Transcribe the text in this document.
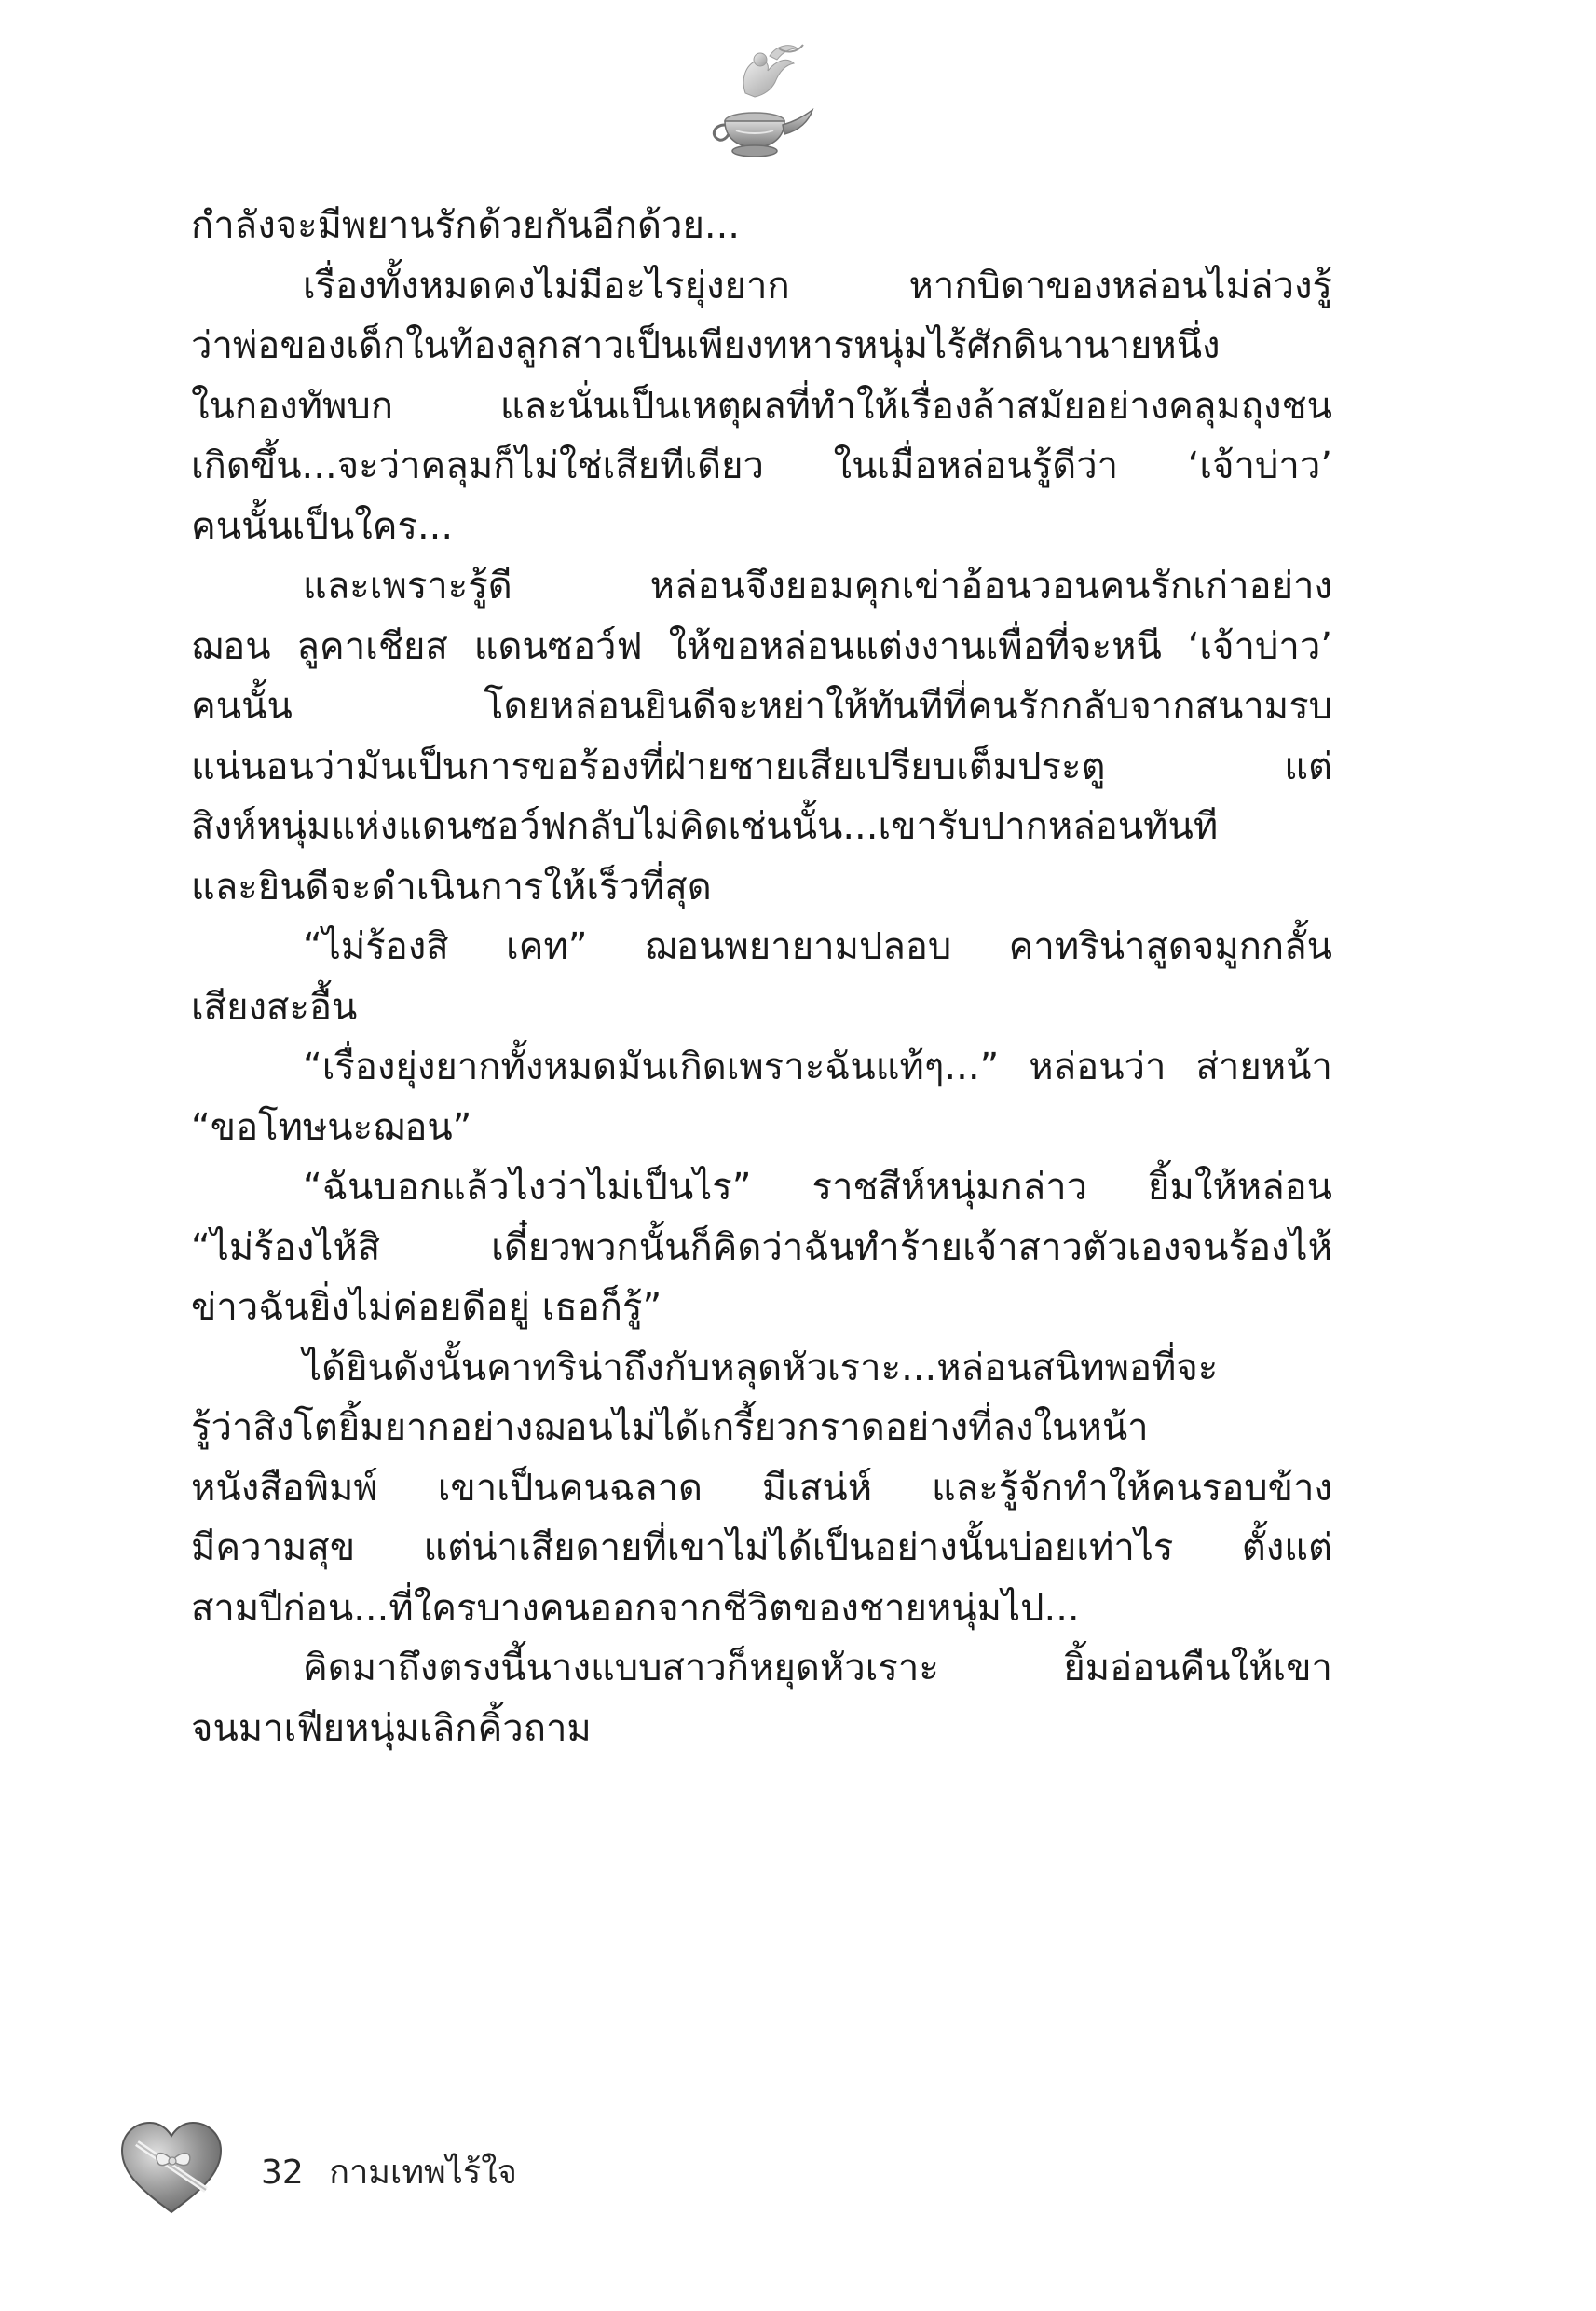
กำลังจะมีพยานรักด้วยกันอีกด้วย...
เรื่องทั้งหมดคงไม่มีอะไรยุ่งยาก หากบิดาของหล่อนไม่ล่วงรู้
ว่าพ่อของเด็กในท้องลูกสาวเป็นเพียงทหารหนุ่มไร้ศักดินานายหนึ่ง
ในกองทัพบก และนั่นเป็นเหตุผลที่ทำให้เรื่องล้าสมัยอย่างคลุมถุงชน
เกิดขึ้น...จะว่าคลุมก็ไม่ใช่เสียทีเดียว ในเมื่อหล่อนรู้ดีว่า ‘เจ้าบ่าว’
คนนั้นเป็นใคร...
และเพราะรู้ดี หล่อนจึงยอมคุกเข่าอ้อนวอนคนรักเก่าอย่าง
ฌอน ลูคาเชียส แดนซอว์ฟ ให้ขอหล่อนแต่งงานเพื่อที่จะหนี ‘เจ้าบ่าว’
คนนั้น โดยหล่อนยินดีจะหย่าให้ทันทีที่คนรักกลับจากสนามรบ
แน่นอนว่ามันเป็นการขอร้องที่ฝ่ายชายเสียเปรียบเต็มประตู แต่
สิงห์หนุ่มแห่งแดนซอว์ฟกลับไม่คิดเช่นนั้น...เขารับปากหล่อนทันที
และยินดีจะดำเนินการให้เร็วที่สุด
“ไม่ร้องสิ เคท” ฌอนพยายามปลอบ คาทริน่าสูดจมูกกลั้น
เสียงสะอื้น
“เรื่องยุ่งยากทั้งหมดมันเกิดเพราะฉันแท้ๆ...” หล่อนว่า ส่ายหน้า
“ขอโทษนะฌอน”
“ฉันบอกแล้วไงว่าไม่เป็นไร” ราชสีห์หนุ่มกล่าว ยิ้มให้หล่อน
“ไม่ร้องไห้สิ เดี๋ยวพวกนั้นก็คิดว่าฉันทำร้ายเจ้าสาวตัวเองจนร้องไห้
ข่าวฉันยิ่งไม่ค่อยดีอยู่ เธอก็รู้”
ได้ยินดังนั้นคาทริน่าถึงกับหลุดหัวเราะ...หล่อนสนิทพอที่จะ
รู้ว่าสิงโตยิ้มยากอย่างฌอนไม่ได้เกรี้ยวกราดอย่างที่ลงในหน้า
หนังสือพิมพ์ เขาเป็นคนฉลาด มีเสน่ห์ และรู้จักทำให้คนรอบข้าง
มีความสุข แต่น่าเสียดายที่เขาไม่ได้เป็นอย่างนั้นบ่อยเท่าไร ตั้งแต่
สามปีก่อน...ที่ใครบางคนออกจากชีวิตของชายหนุ่มไป...
คิดมาถึงตรงนี้นางแบบสาวก็หยุดหัวเราะ ยิ้มอ่อนคืนให้เขา
จนมาเฟียหนุ่มเลิกคิ้วถาม
32 กามเทพไร้ใจ
